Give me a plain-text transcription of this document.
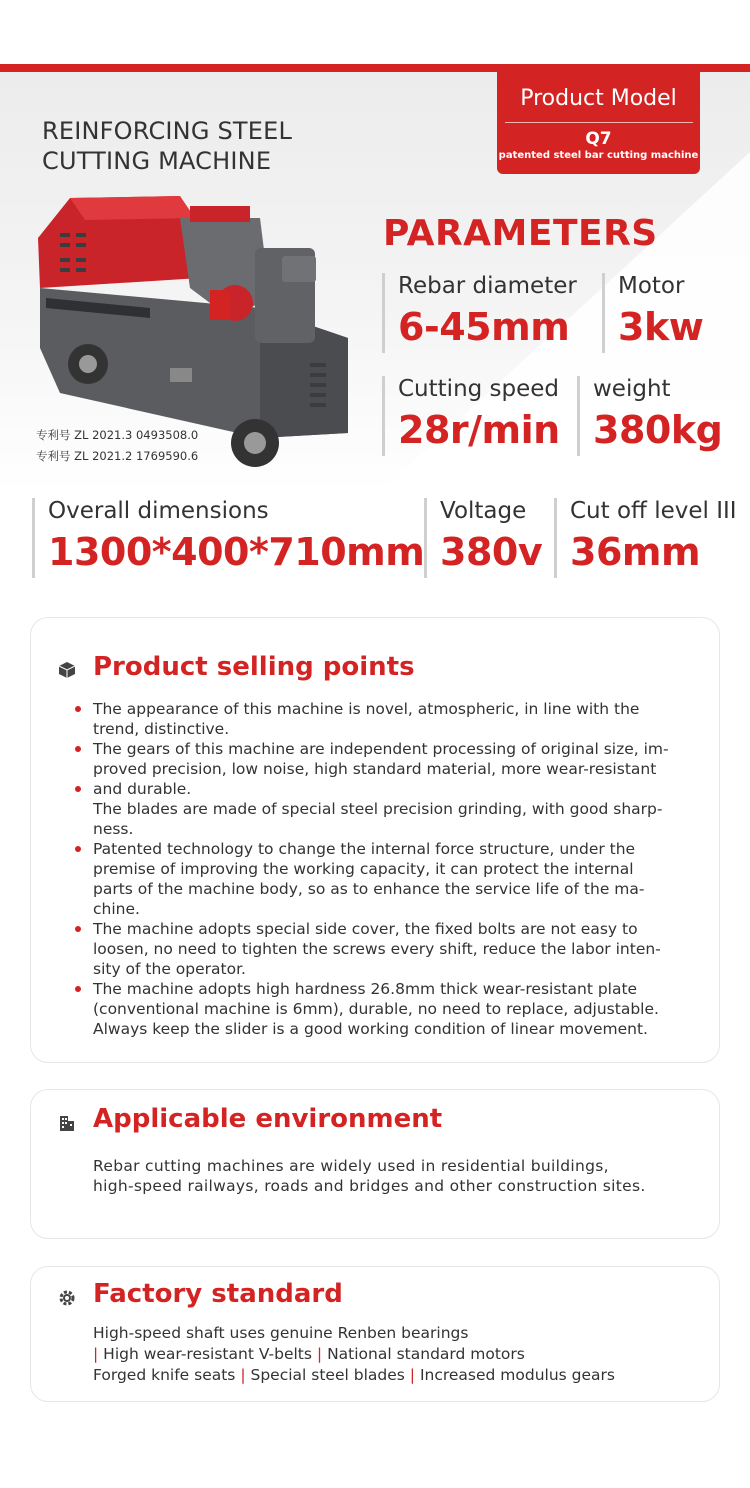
Product Model
Q7
patented steel bar cutting machine
REINFORCING STEEL
CUTTING MACHINE
专利号 ZL 2021.3 0493508.0
专利号 ZL 2021.2 1769590.6
PARAMETERS
Rebar diameter
6-45mm
Motor
3kw
Cutting speed
28r/min
weight
380kg
Overall dimensions
1300*400*710mm
Voltage
380v
Cut off level III
36mm
Product selling points
The appearance of this machine is novel, atmospheric, in line with the
trend, distinctive.
The gears of this machine are independent processing of original size, im-
proved precision, low noise, high standard material, more wear-resistant
and durable.
The blades are made of special steel precision grinding, with good sharp-
ness.
Patented technology to change the internal force structure, under the
premise of improving the working capacity, it can protect the internal
parts of the machine body, so as to enhance the service life of the ma-
chine.
The machine adopts special side cover, the fixed bolts are not easy to
loosen, no need to tighten the screws every shift, reduce the labor inten-
sity of the operator.
The machine adopts high hardness 26.8mm thick wear-resistant plate
(conventional machine is 6mm), durable, no need to replace, adjustable.
Always keep the slider is a good working condition of linear movement.
Applicable environment
Rebar cutting machines are widely used in residential buildings,
high-speed railways, roads and bridges and other construction sites.
Factory standard
High-speed shaft uses genuine Renben bearings
| High wear-resistant V-belts | National standard motors
Forged knife seats | Special steel blades | Increased modulus gears
